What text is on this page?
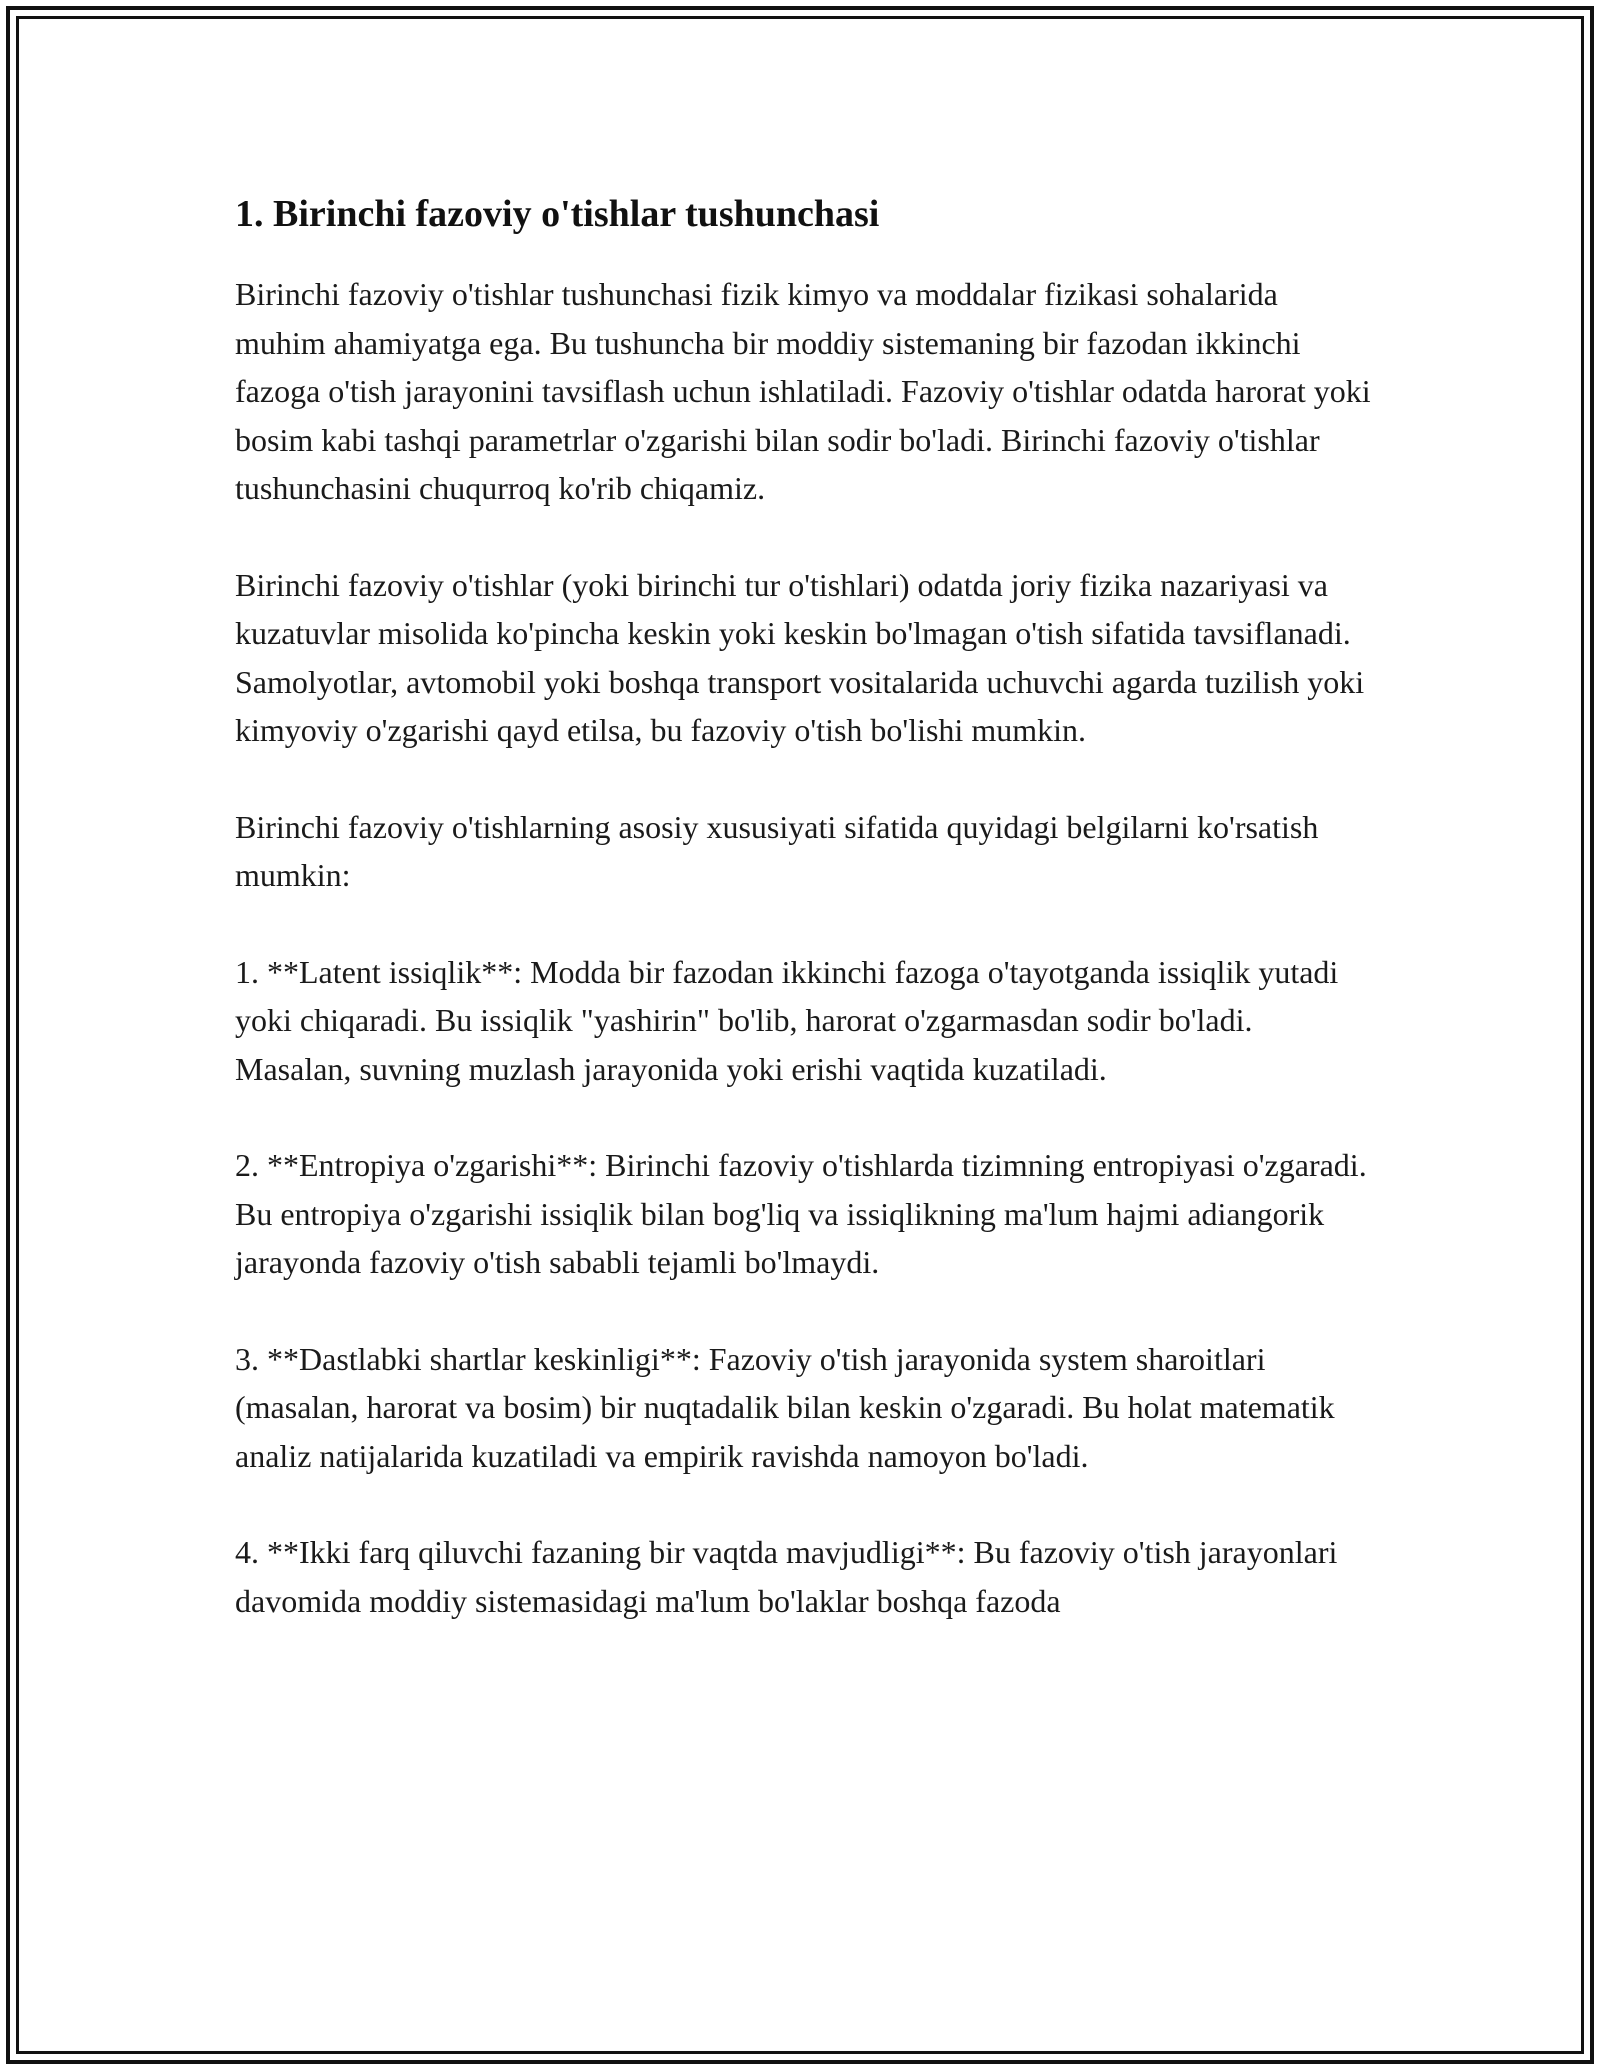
1. Birinchi fazoviy o'tishlar tushunchasi

Birinchi fazoviy o'tishlar tushunchasi fizik kimyo va moddalar fizikasi sohalarida muhim ahamiyatga ega. Bu tushuncha bir moddiy sistemaning bir fazodan ikkinchi fazoga o'tish jarayonini tavsiflash uchun ishlatiladi. Fazoviy o'tishlar odatda harorat yoki bosim kabi tashqi parametrlar o'zgarishi bilan sodir bo'ladi. Birinchi fazoviy o'tishlar tushunchasini chuqurroq ko'rib chiqamiz.

Birinchi fazoviy o'tishlar (yoki birinchi tur o'tishlari) odatda joriy fizika nazariyasi va kuzatuvlar misolida ko'pincha keskin yoki keskin bo'lmagan o'tish sifatida tavsiflanadi. Samolyotlar, avtomobil yoki boshqa transport vositalarida uchuvchi agarda tuzilish yoki kimyoviy o'zgarishi qayd etilsa, bu fazoviy o'tish bo'lishi mumkin.

Birinchi fazoviy o'tishlarning asosiy xususiyati sifatida quyidagi belgilarni ko'rsatish mumkin:

1. **Latent issiqlik**: Modda bir fazodan ikkinchi fazoga o'tayotganda issiqlik yutadi yoki chiqaradi. Bu issiqlik "yashirin" bo'lib, harorat o'zgarmasdan sodir bo'ladi. Masalan, suvning muzlash jarayonida yoki erishi vaqtida kuzatiladi.

2. **Entropiya o'zgarishi**: Birinchi fazoviy o'tishlarda tizimning entropiyasi o'zgaradi. Bu entropiya o'zgarishi issiqlik bilan bog'liq va issiqlikning ma'lum hajmi adiangorik jarayonda fazoviy o'tish sababli tejamli bo'lmaydi.

3. **Dastlabki shartlar keskinligi**: Fazoviy o'tish jarayonida system sharoitlari (masalan, harorat va bosim) bir nuqtadalik bilan keskin o'zgaradi. Bu holat matematik analiz natijalarida kuzatiladi va empirik ravishda namoyon bo'ladi.

4. **Ikki farq qiluvchi fazaning bir vaqtda mavjudligi**: Bu fazoviy o'tish jarayonlari davomida moddiy sistemasidagi ma'lum bo'laklar boshqa fazoda
